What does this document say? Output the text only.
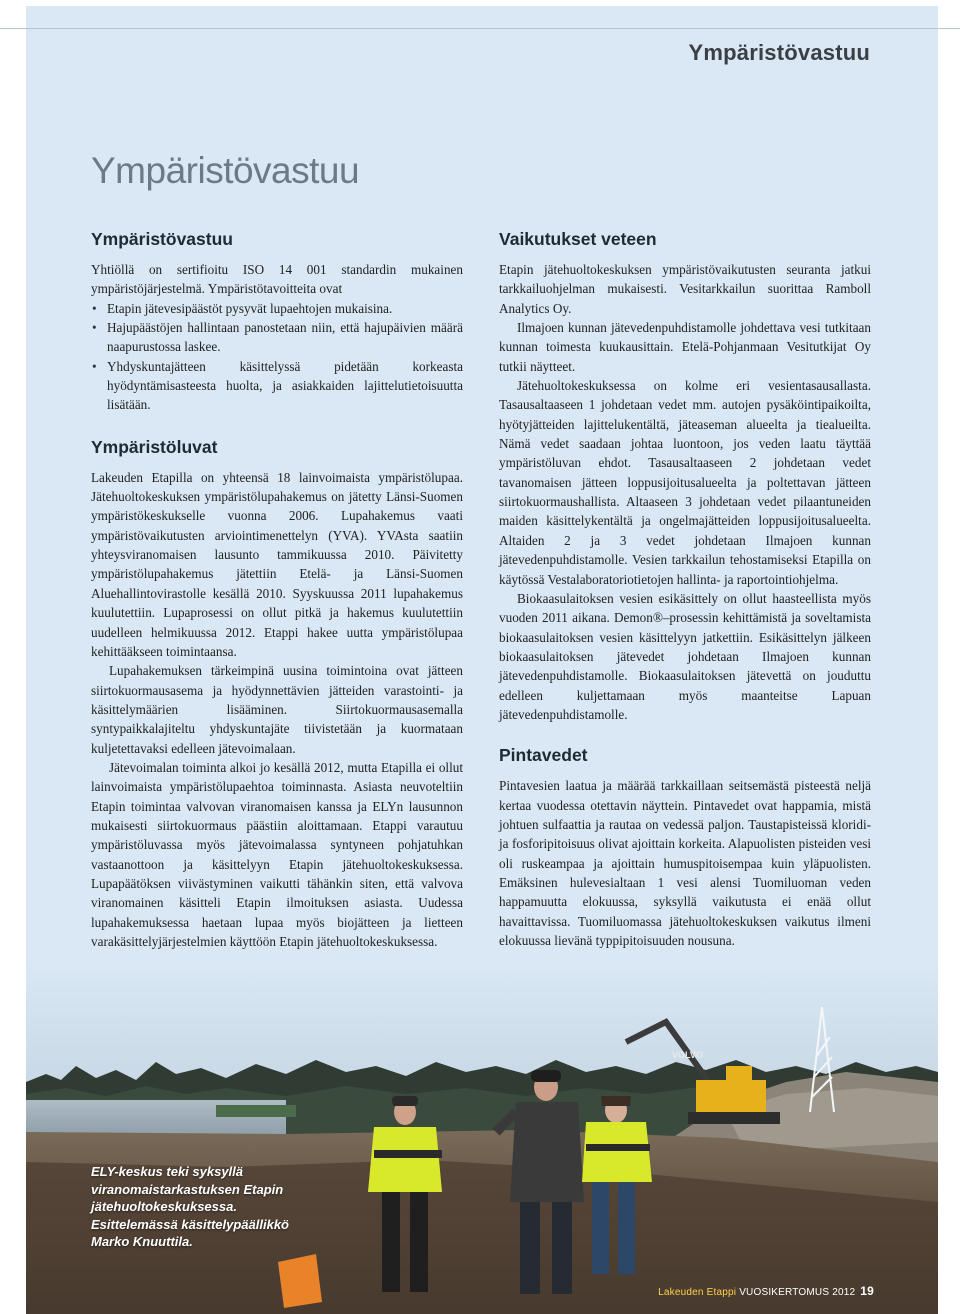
Ympäristövastuu
Ympäristövastuu
Ympäristövastuu

Yhtiöllä on sertifioitu ISO 14 001 standardin mukainen ympäristöjärjestelmä. Ympäristötavoitteita ovat

• Etapin jätevesipäästöt pysyvät lupaehtojen mukaisina.
• Hajupäästöjen hallintaan panostetaan niin, että hajupäivien määrä naapurustossa laskee.
• Yhdyskuntajätteen käsittelyssä pidetään korkeasta hyödyntämisasteesta huolta, ja asiakkaiden lajittelutietoisuutta lisätään.
Ympäristöluvat

Lakeuden Etapilla on yhteensä 18 lainvoimaista ympäristölupaa. Jätehuoltokeskuksen ympäristölupahakemus on jätetty Länsi-Suomen ympäristökeskukselle vuonna 2006. Lupahakemus vaati ympäristövaikutusten arviointimenettelyn (YVA). YVAsta saatiin yhteysviranomaisen lausunto tammikuussa 2010. Päivitetty ympäristölupahakemus jätettiin Etelä- ja Länsi-Suomen Aluehallintovirastolle kesällä 2010. Syyskuussa 2011 lupahakemus kuulutettiin. Lupaprosessi on ollut pitkä ja hakemus kuulutettiin uudelleen helmikuussa 2012. Etappi hakee uutta ympäristölupaa kehittääkseen toimintaansa.

Lupahakemuksen tärkeimpinä uusina toimintoina ovat jätteen siirtokuormausasema ja hyödynnettävien jätteiden varastointi- ja käsittelymäärien lisääminen. Siirtokuormausasemalla syntypaikkalajiteltu yhdyskuntajäte tiivistetään ja kuormataan kuljetettavaksi edelleen jätevoimalaan.

Jätevoimalan toiminta alkoi jo kesällä 2012, mutta Etapilla ei ollut lainvoimaista ympäristölupaehtoa toiminnasta. Asiasta neuvoteltiin Etapin toimintaa valvovan viranomaisen kanssa ja ELYn lausunnon mukaisesti siirtokuormaus päästiin aloittamaan. Etappi varautuu ympäristöluvassa myös jätevoimalassa syntyneen pohjatuhkan vastaanottoon ja käsittelyyn Etapin jätehuoltokeskuksessa. Lupapäätöksen viivästyminen vaikutti tähänkin siten, että valvova viranomainen käsitteli Etapin ilmoituksen asiasta. Uudessa lupahakemuksessa haetaan lupaa myös biojätteen ja lietteen varakäsittelyjärjestelmien käyttöön Etapin jätehuoltokeskuksessa.

Vaikutukset veteen

Etapin jätehuoltokeskuksen ympäristövaikutusten seuranta jatkui tarkkailuohjelman mukaisesti. Vesitarkkailun suorittaa Ramboll Analytics Oy.

Ilmajoen kunnan jätevedenpuhdistamolle johdettava vesi tutkitaan kunnan toimesta kuukausittain. Etelä-Pohjanmaan Vesitutkijat Oy tutkii näytteet.

Jätehuoltokeskuksessa on kolme eri vesientasausallasta. Tasausaltaaseen 1 johdetaan vedet mm. autojen pysäköintipaikoilta, hyötyjätteiden lajittelukentältä, jäteaseman alueelta ja tiealueilta. Nämä vedet saadaan johtaa luontoon, jos veden laatu täyttää ympäristöluvan ehdot. Tasausaltaaseen 2 johdetaan vedet tavanomaisen jätteen loppusijoitusalueelta ja poltettavan jätteen siirtokuormaushallista. Altaaseen 3 johdetaan vedet pilaantuneiden maiden käsittelykentältä ja ongelmajätteiden loppusijoitusalueelta. Altaiden 2 ja 3 vedet johdetaan Ilmajoen kunnan jätevedenpuhdistamolle. Vesien tarkkailun tehostamiseksi Etapilla on käytössä Vestalaboratoriotietojen hallinta- ja raportointiohjelma.

Biokaasulaitoksen vesien esikäsittely on ollut haasteellista myös vuoden 2011 aikana. Demon®–prosessin kehittämistä ja soveltamista biokaasulaitoksen vesien käsittelyyn jatkettiin. Esikäsittelyn jälkeen biokaasulaitoksen jätevedet johdetaan Ilmajoen kunnan jätevedenpuhdistamolle. Biokaasulaitoksen jätevettä on jouduttu edelleen kuljettamaan myös maanteitse Lapuan jätevedenpuhdistamolle.

Pintavedet

Pintavesien laatua ja määrää tarkkaillaan seitsemästä pisteestä neljä kertaa vuodessa otettavin näyttein. Pintavedet ovat happamia, mistä johtuen sulfaattia ja rautaa on vedessä paljon. Taustapisteissä kloridi- ja fosforipitoisuus olivat ajoittain korkeita. Alapuolisten pisteiden vesi oli ruskeampaa ja ajoittain humuspitoisempaa kuin yläpuolisten. Emäksinen hulevesialtaan 1 vesi alensi Tuomiluoman veden happamuutta elokuussa, syksyllä vaikutusta ei enää ollut havaittavissa. Tuomiluomassa jätehuoltokeskuksen vaikutus ilmeni elokuussa lievänä typpipitoisuuden nousuna.

VOLVO
ELY-keskus teki syksyllä viranomaistarkastuksen Etapin jätehuoltokeskuksessa. Esittelemässä käsittelypäällikkö Marko Knuuttila.
Lakeuden Etappi VUOSIKERTOMUS 2012 19
